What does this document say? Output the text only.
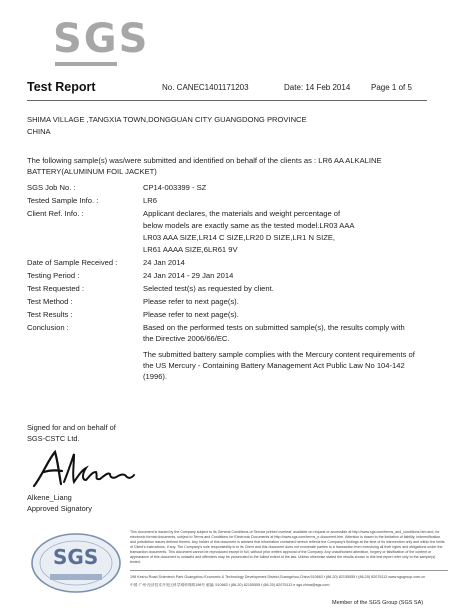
SGS
Test Report	No. CANEC1401171203	Date: 14 Feb 2014	Page 1 of 5
SHIMA VILLAGE ,TANGXIA TOWN,DONGGUAN CITY GUANGDONG PROVINCE
CHINA
The following sample(s) was/were submitted and identified on behalf of the clients as : LR6 AA ALKALINE BATTERY(ALUMINUM FOIL JACKET)
SGS Job No. :	CP14-003399 - SZ
Tested Sample Info. :	LR6
Client Ref. Info. :	Applicant declares, the materials and weight percentage of
below models are exactly same as the tested model.LR03 AAA
LR03 AAA SIZE,LR14 C SIZE,LR20 D SIZE,LR1 N SIZE,
LR61 AAAA SIZE,6LR61 9V
Date of Sample Received :	24 Jan 2014
Testing Period :	24 Jan 2014 - 29 Jan 2014
Test Requested :	Selected test(s) as requested by client.
Test Method :	Please refer to next page(s).
Test Results :	Please refer to next page(s).
Conclusion :	Based on the performed tests on submitted sample(s), the results comply with
the Directive 2006/66/EC.
The submitted battery sample complies with the Mercury content requirements of
the US Mercury - Containing Battery Management Act Public Law No 104-142
(1996).
Signed for and on behalf of
SGS-CSTC Ltd.
Alkene_Liang
Approved Signatory
SGS
This document is issued by the Company subject to its General Conditions of Service printed overleaf, available on request or accessible at http://www.sgs.com/terms_and_conditions.htm and, for electronic format documents, subject to Terms and Conditions for Electronic Documents at http://www.sgs.com/terms_e-document.htm. Attention is drawn to the limitation of liability, indemnification and jurisdiction issues defined therein. Any holder of this document is advised that information contained hereon reflects the Company's findings at the time of its intervention only and within the limits of Client's instructions, if any. The Company's sole responsibility is to its Client and this document does not exonerate parties to a transaction from exercising all their rights and obligations under the transaction documents. This document cannot be reproduced except in full, without prior written approval of the Company. Any unauthorized alteration, forgery or falsification of the content or appearance of this document is unlawful and offenders may be prosecuted to the fullest extent of the law. Unless otherwise stated the results shown in this test report refer only to the sample(s) tested.
198 Kezhu Road,Scientech Park Guangzhou Economic & Technology Development District,Guangzhou,China 510663 t (86-20) 82155555 f (86-20) 82075113 www.sgsgroup.com.cn
中国·广州·经济技术开发区科学城科珠路198号 邮编: 510663 t (86-20) 82155555 f (86-20) 82075113 e sgs.china@sgs.com
Member of the SGS Group (SGS SA)
